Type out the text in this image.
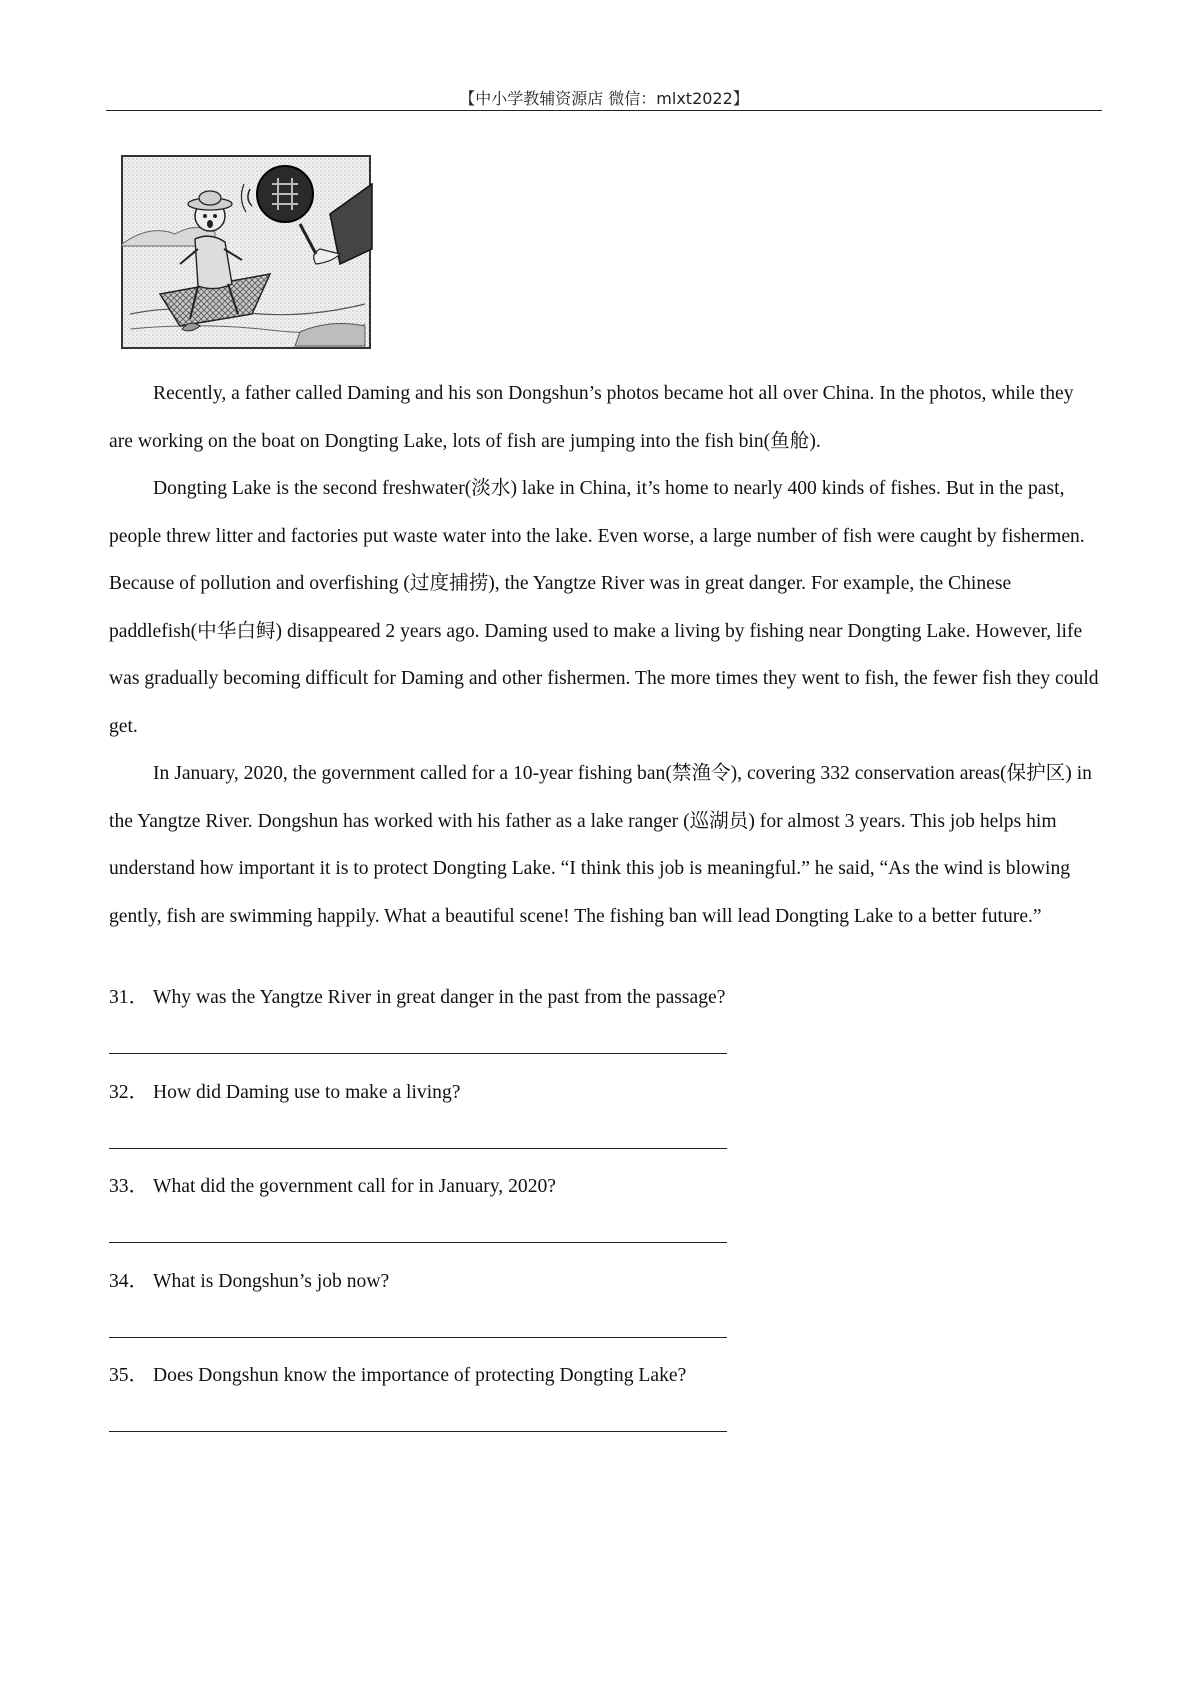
【中小学教辅资源店 微信：mlxt2022】

Recently, a father called Daming and his son Dongshun’s photos became hot all over China. In the photos, while they are working on the boat on Dongting Lake, lots of fish are jumping into the fish bin(鱼舱).

Dongting Lake is the second freshwater(淡水) lake in China, it’s home to nearly 400 kinds of fishes. But in the past, people threw litter and factories put waste water into the lake. Even worse, a large number of fish were caught by fishermen. Because of pollution and overfishing (过度捕捞), the Yangtze River was in great danger. For example, the Chinese paddlefish(中华白鲟) disappeared 2 years ago. Daming used to make a living by fishing near Dongting Lake. However, life was gradually becoming difficult for Daming and other fishermen. The more times they went to fish, the fewer fish they could get.

In January, 2020, the government called for a 10-year fishing ban(禁渔令), covering 332 conservation areas(保护区) in the Yangtze River. Dongshun has worked with his father as a lake ranger (巡湖员) for almost 3 years. This job helps him understand how important it is to protect Dongting Lake. “I think this job is meaningful.” he said, “As the wind is blowing gently, fish are swimming happily. What a beautiful scene! The fishing ban will lead Dongting Lake to a better future.”

31． Why was the Yangtze River in great danger in the past from the passage?
32． How did Daming use to make a living?
33． What did the government call for in January, 2020?
34． What is Dongshun’s job now?
35． Does Dongshun know the importance of protecting Dongting Lake?
